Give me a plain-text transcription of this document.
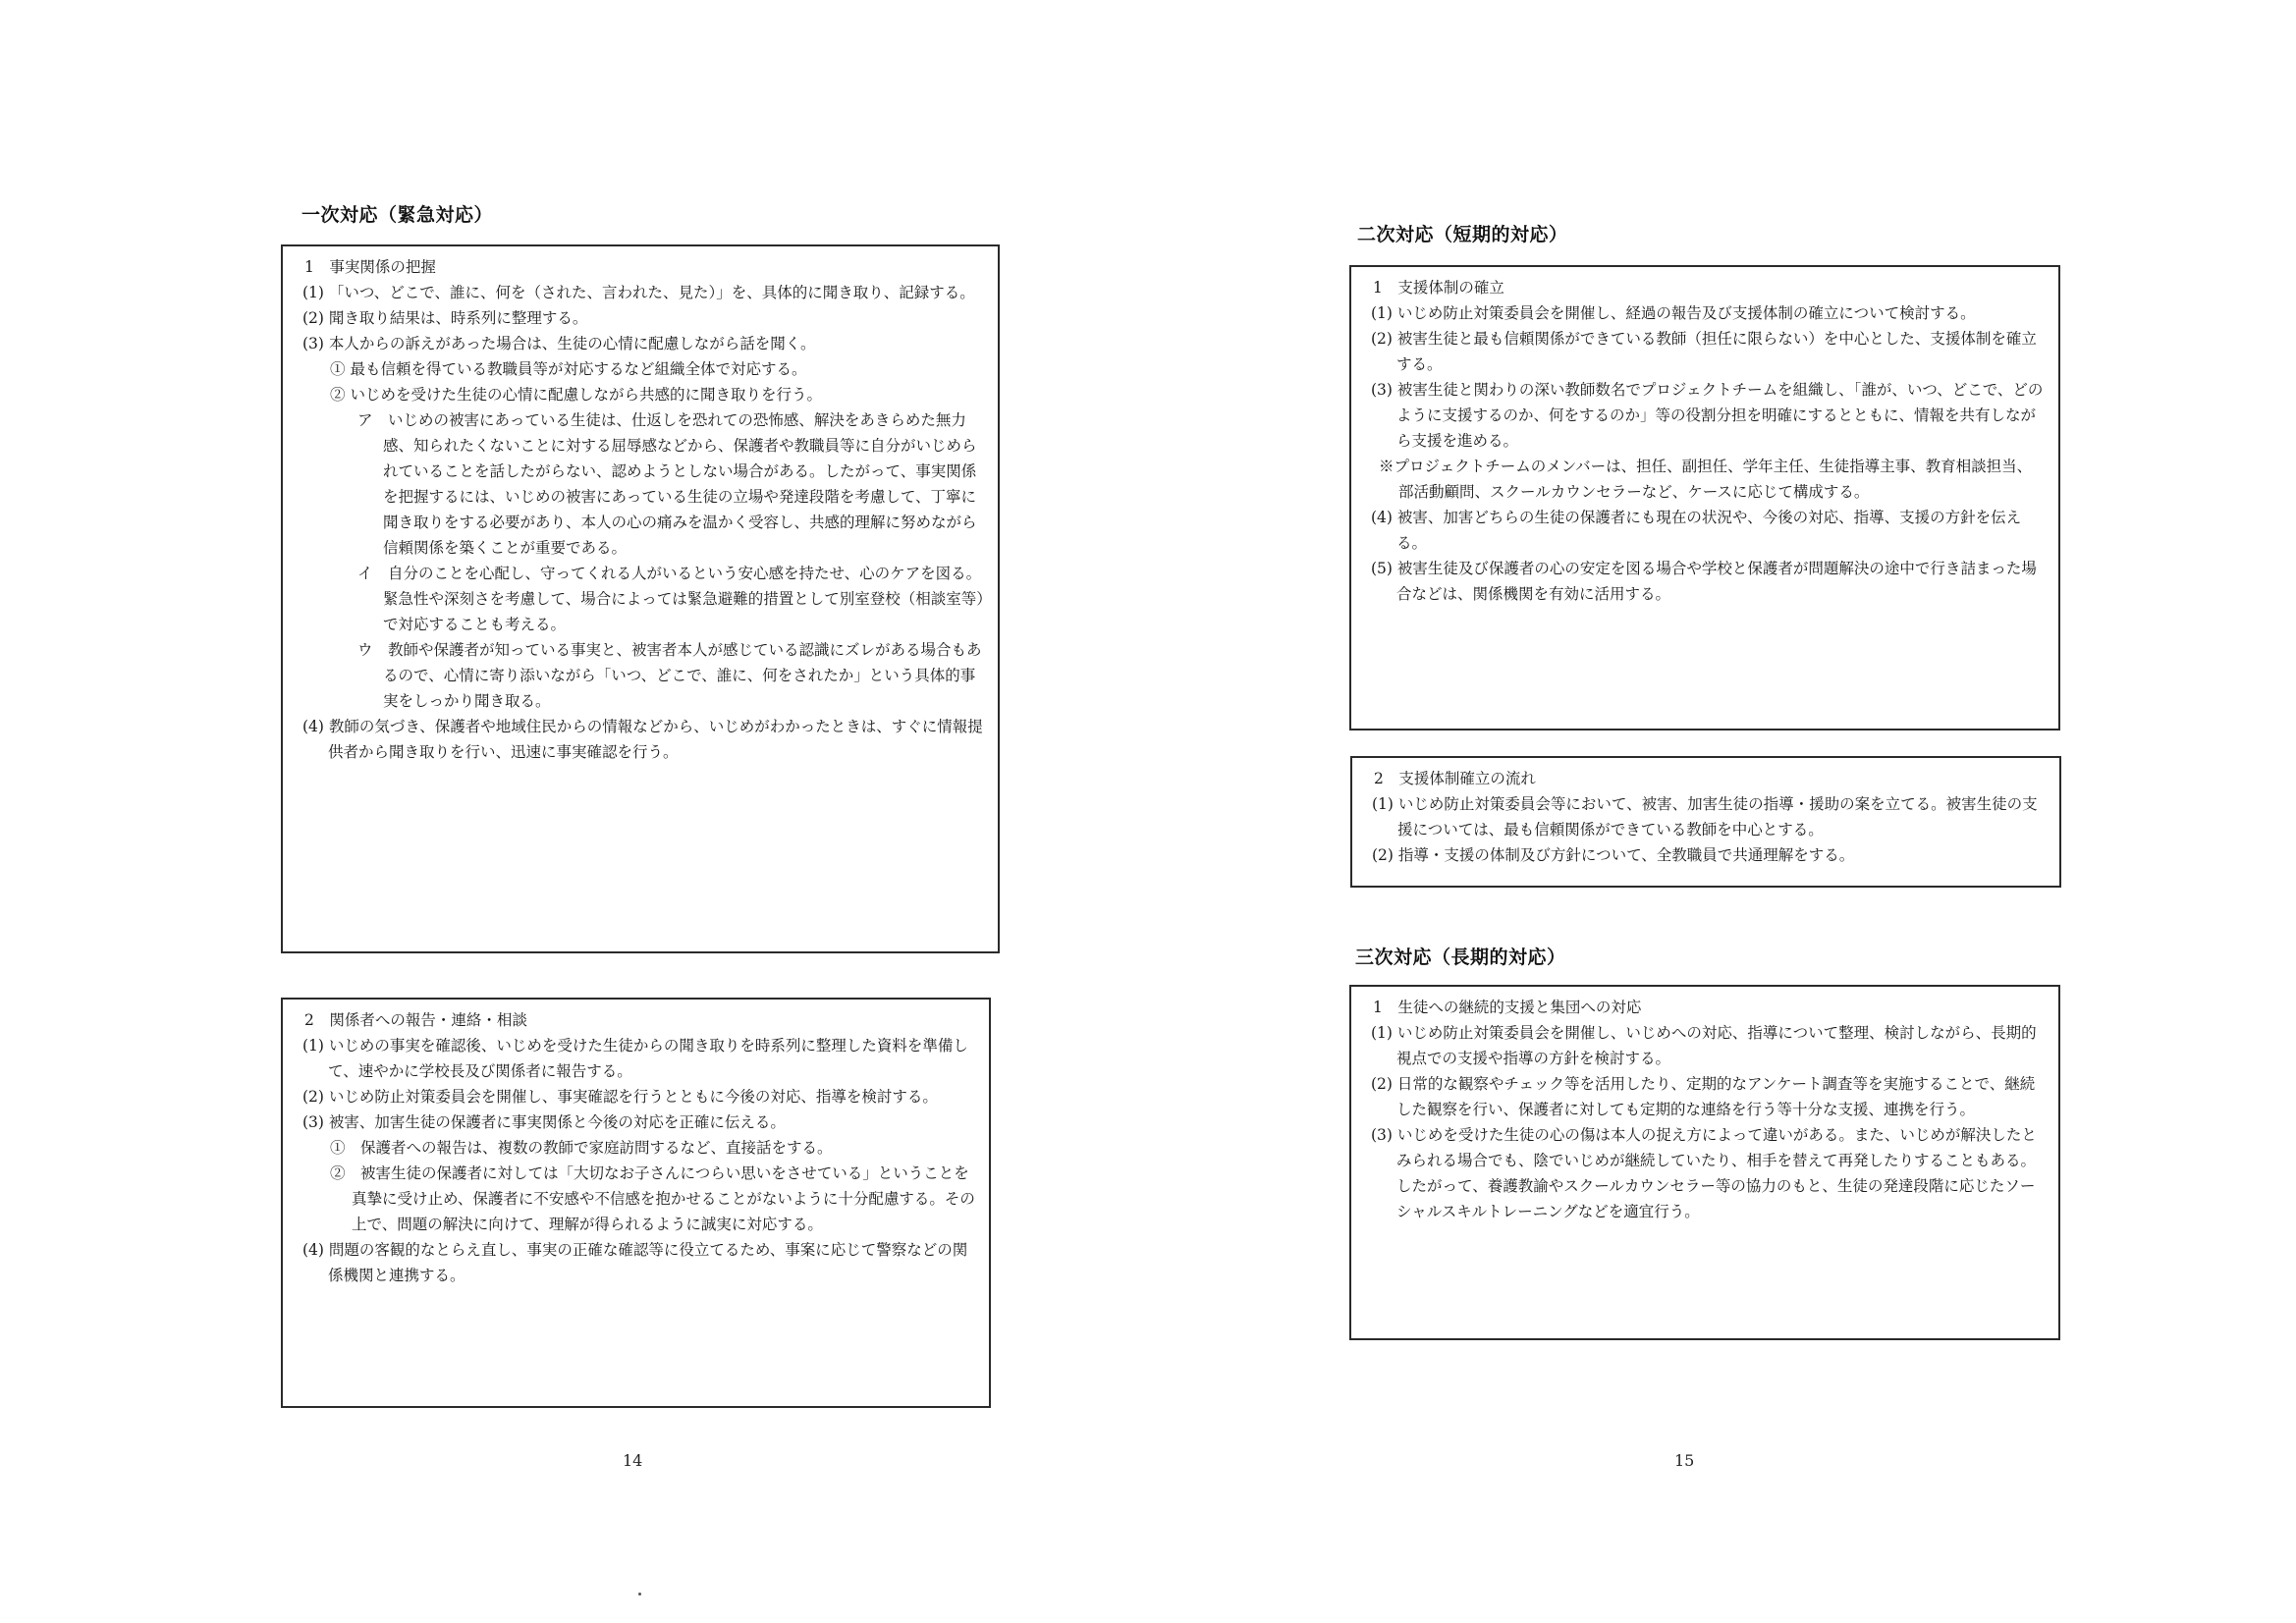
一次対応（緊急対応）
1　事実関係の把握
(1) 「いつ、どこで、誰に、何を（された、言われた、見た）」を、具体的に聞き取り、記録する。
(2) 聞き取り結果は、時系列に整理する。
(3) 本人からの訴えがあった場合は、生徒の心情に配慮しながら話を聞く。
① 最も信頼を得ている教職員等が対応するなど組織全体で対応する。
② いじめを受けた生徒の心情に配慮しながら共感的に聞き取りを行う。
ア　 いじめの被害にあっている生徒は、仕返しを恐れての恐怖感、解決をあきらめた無力感、知られたくないことに対する屈辱感などから、保護者や教職員等に自分がいじめられていることを話したがらない、認めようとしない場合がある。したがって、事実関係を把握するには、いじめの被害にあっている生徒の立場や発達段階を考慮して、丁寧に聞き取りをする必要があり、本人の心の痛みを温かく受容し、共感的理解に努めながら信頼関係を築くことが重要である。
イ　 自分のことを心配し、守ってくれる人がいるという安心感を持たせ、心のケアを図る。緊急性や深刻さを考慮して、場合によっては緊急避難的措置として別室登校（相談室等）で対応することも考える。
ウ　 教師や保護者が知っている事実と、被害者本人が感じている認識にズレがある場合もあるので、心情に寄り添いながら「いつ、どこで、誰に、何をされたか」という具体的事実をしっかり聞き取る。
(4) 教師の気づき、保護者や地域住民からの情報などから、いじめがわかったときは、すぐに情報提供者から聞き取りを行い、迅速に事実確認を行う。
2　関係者への報告・連絡・相談
(1) いじめの事実を確認後、いじめを受けた生徒からの聞き取りを時系列に整理した資料を準備して、速やかに学校長及び関係者に報告する。
(2) いじめ防止対策委員会を開催し、事実確認を行うとともに今後の対応、指導を検討する。
(3) 被害、加害生徒の保護者に事実関係と今後の対応を正確に伝える。
①　 保護者への報告は、複数の教師で家庭訪問するなど、直接話をする。
②　 被害生徒の保護者に対しては「大切なお子さんにつらい思いをさせている」ということを真摯に受け止め、保護者に不安感や不信感を抱かせることがないように十分配慮する。その上で、問題の解決に向けて、理解が得られるように誠実に対応する。
(4) 問題の客観的なとらえ直し、事実の正確な確認等に役立てるため、事案に応じて警察などの関係機関と連携する。
14
二次対応（短期的対応）
1　支援体制の確立
(1) いじめ防止対策委員会を開催し、経過の報告及び支援体制の確立について検討する。
(2) 被害生徒と最も信頼関係ができている教師（担任に限らない）を中心とした、支援体制を確立する。
(3) 被害生徒と関わりの深い教師数名でプロジェクトチームを組織し、「誰が、いつ、どこで、どのように支援するのか、何をするのか」等の役割分担を明確にするとともに、情報を共有しながら支援を進める。
※プロジェクトチームのメンバーは、担任、副担任、学年主任、生徒指導主事、教育相談担当、部活動顧問、スクールカウンセラーなど、ケースに応じて構成する。
(4) 被害、加害どちらの生徒の保護者にも現在の状況や、今後の対応、指導、支援の方針を伝える。
(5) 被害生徒及び保護者の心の安定を図る場合や学校と保護者が問題解決の途中で行き詰まった場合などは、関係機関を有効に活用する。
2　支援体制確立の流れ
(1) いじめ防止対策委員会等において、被害、加害生徒の指導・援助の案を立てる。被害生徒の支援については、最も信頼関係ができている教師を中心とする。
(2) 指導・支援の体制及び方針について、全教職員で共通理解をする。
三次対応（長期的対応）
1　生徒への継続的支援と集団への対応
(1) いじめ防止対策委員会を開催し、いじめへの対応、指導について整理、検討しながら、長期的視点での支援や指導の方針を検討する。
(2) 日常的な観察やチェック等を活用したり、定期的なアンケート調査等を実施することで、継続した観察を行い、保護者に対しても定期的な連絡を行う等十分な支援、連携を行う。
(3) いじめを受けた生徒の心の傷は本人の捉え方によって違いがある。また、いじめが解決したとみられる場合でも、陰でいじめが継続していたり、相手を替えて再発したりすることもある。したがって、養護教諭やスクールカウンセラー等の協力のもと、生徒の発達段階に応じたソーシャルスキルトレーニングなどを適宜行う。
15
